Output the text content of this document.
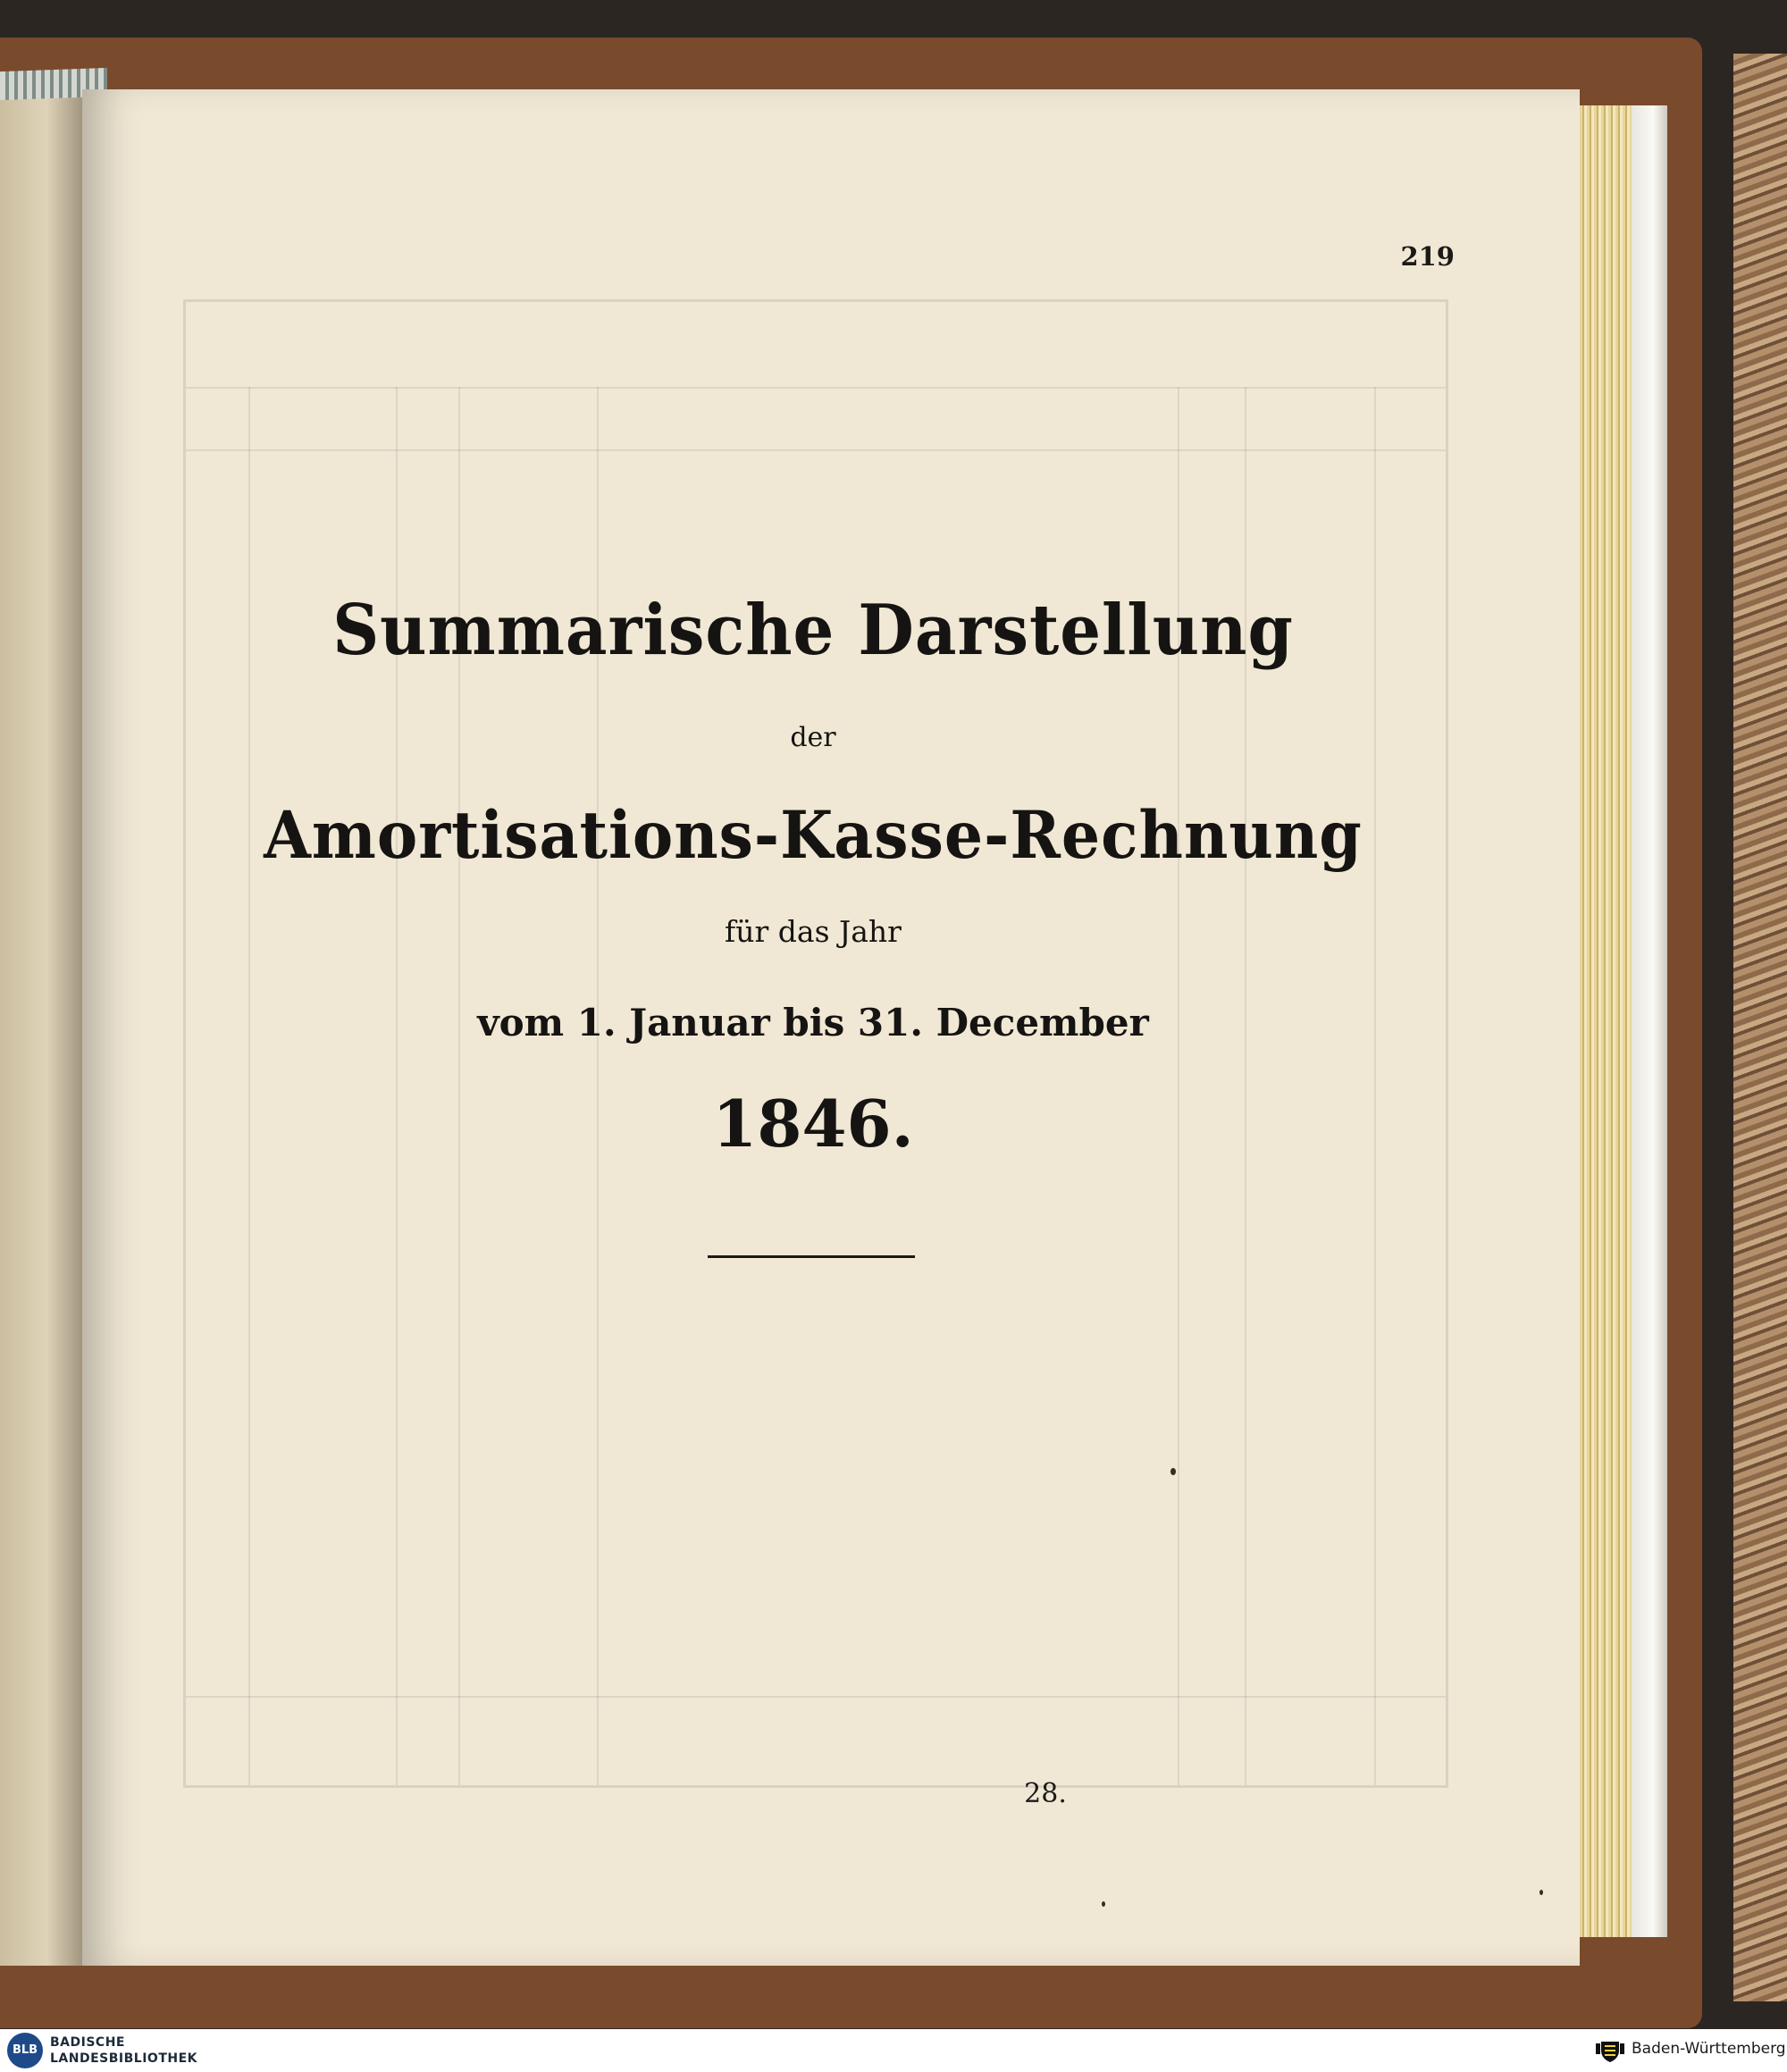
219
Summarische Darstellung
der
Amortisations-Kasse-Rechnung
für das Jahr
vom 1. Januar bis 31. December
1846.
28.
BLB
BADISCHE
LANDESBIBLIOTHEK
Baden-Württemberg
